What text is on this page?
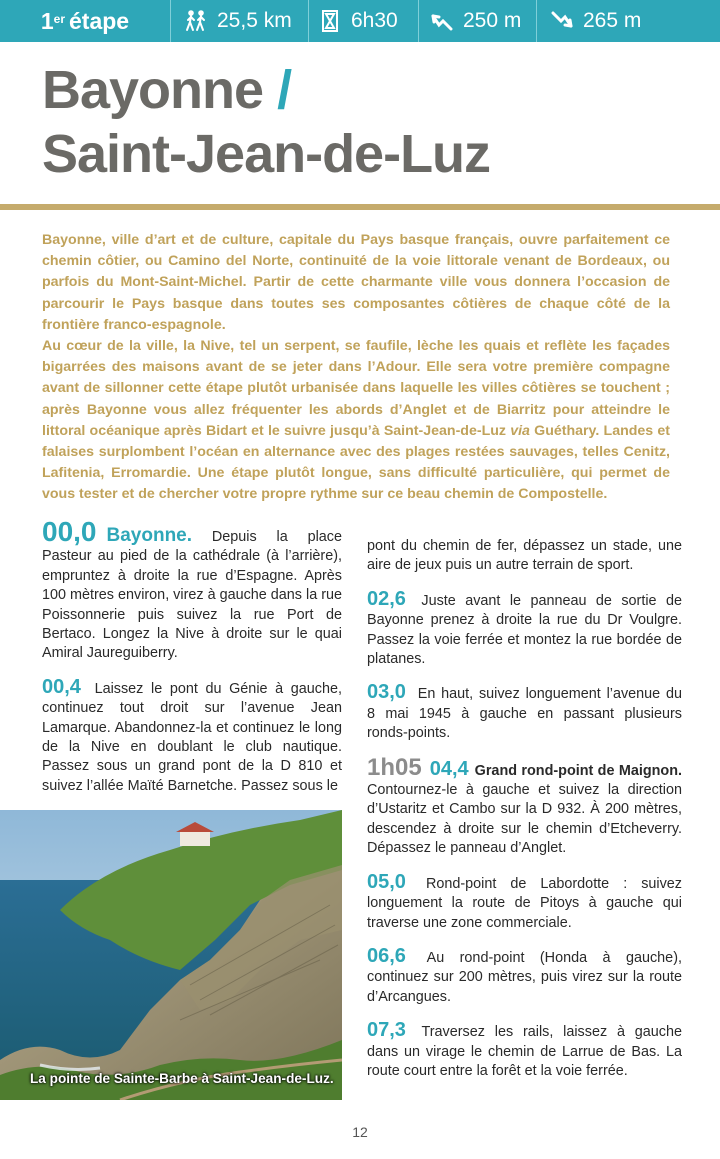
1er étape	25,5 km	6h30	250 m	265 m
Bayonne /
Saint-Jean-de-Luz

Bayonne, ville d’art et de culture, capitale du Pays basque français, ouvre parfaitement ce chemin côtier, ou Camino del Norte, continuité de la voie littorale venant de Bordeaux, ou parfois du Mont-Saint-Michel. Partir de cette charmante ville vous donnera l’occasion de parcourir le Pays basque dans toutes ses composantes côtières de chaque côté de la frontière franco-espagnole.

Au cœur de la ville, la Nive, tel un serpent, se faufile, lèche les quais et reflète les façades bigarrées des maisons avant de se jeter dans l’Adour. Elle sera votre première compagne avant de sillonner cette étape plutôt urbanisée dans laquelle les villes côtières se touchent ; après Bayonne vous allez fréquenter les abords d’Anglet et de Biarritz pour atteindre le littoral océanique après Bidart et le suivre jusqu’à Saint-Jean-de-Luz via Guéthary. Landes et falaises surplombent l’océan en alternance avec des plages restées sauvages, telles Cenitz, Lafitenia, Erromardie. Une étape plutôt longue, sans difficulté particulière, qui permet de vous tester et de chercher votre propre rythme sur ce beau chemin de Compostelle.

00,0 Bayonne. Depuis la place Pasteur au pied de la cathédrale (à l’arrière), empruntez à droite la rue d’Espagne. Après 100 mètres environ, virez à gauche dans la rue Poissonnerie puis suivez la rue Port de Bertaco. Longez la Nive à droite sur le quai Amiral Jaureguiberry.
00,4 Laissez le pont du Génie à gauche, continuez tout droit sur l’avenue Jean Lamarque. Abandonnez-la et continuez le long de la Nive en doublant le club nautique. Passez sous un grand pont de la D 810 et suivez l’allée Maïté Barnetche. Passez sous le
La pointe de Sainte-Barbe à Saint-Jean-de-Luz.
pont du chemin de fer, dépassez un stade, une aire de jeux puis un autre terrain de sport.
02,6 Juste avant le panneau de sortie de Bayonne prenez à droite la rue du Dr Voulgre. Passez la voie ferrée et montez la rue bordée de platanes.
03,0 En haut, suivez longuement l’avenue du 8 mai 1945 à gauche en passant plusieurs ronds-points.
1h05 04,4 Grand rond-point de Maignon. Contournez-le à gauche et suivez la direction d’Ustaritz et Cambo sur la D 932. À 200 mètres, descendez à droite sur le chemin d’Etcheverry. Dépassez le panneau d’Anglet.
05,0 Rond-point de Labordotte : suivez longuement la route de Pitoys à gauche qui traverse une zone commerciale.
06,6 Au rond-point (Honda à gauche), continuez sur 200 mètres, puis virez sur la route d’Arcangues.
07,3 Traversez les rails, laissez à gauche dans un virage le chemin de Larrue de Bas. La route court entre la forêt et la voie ferrée.
12
